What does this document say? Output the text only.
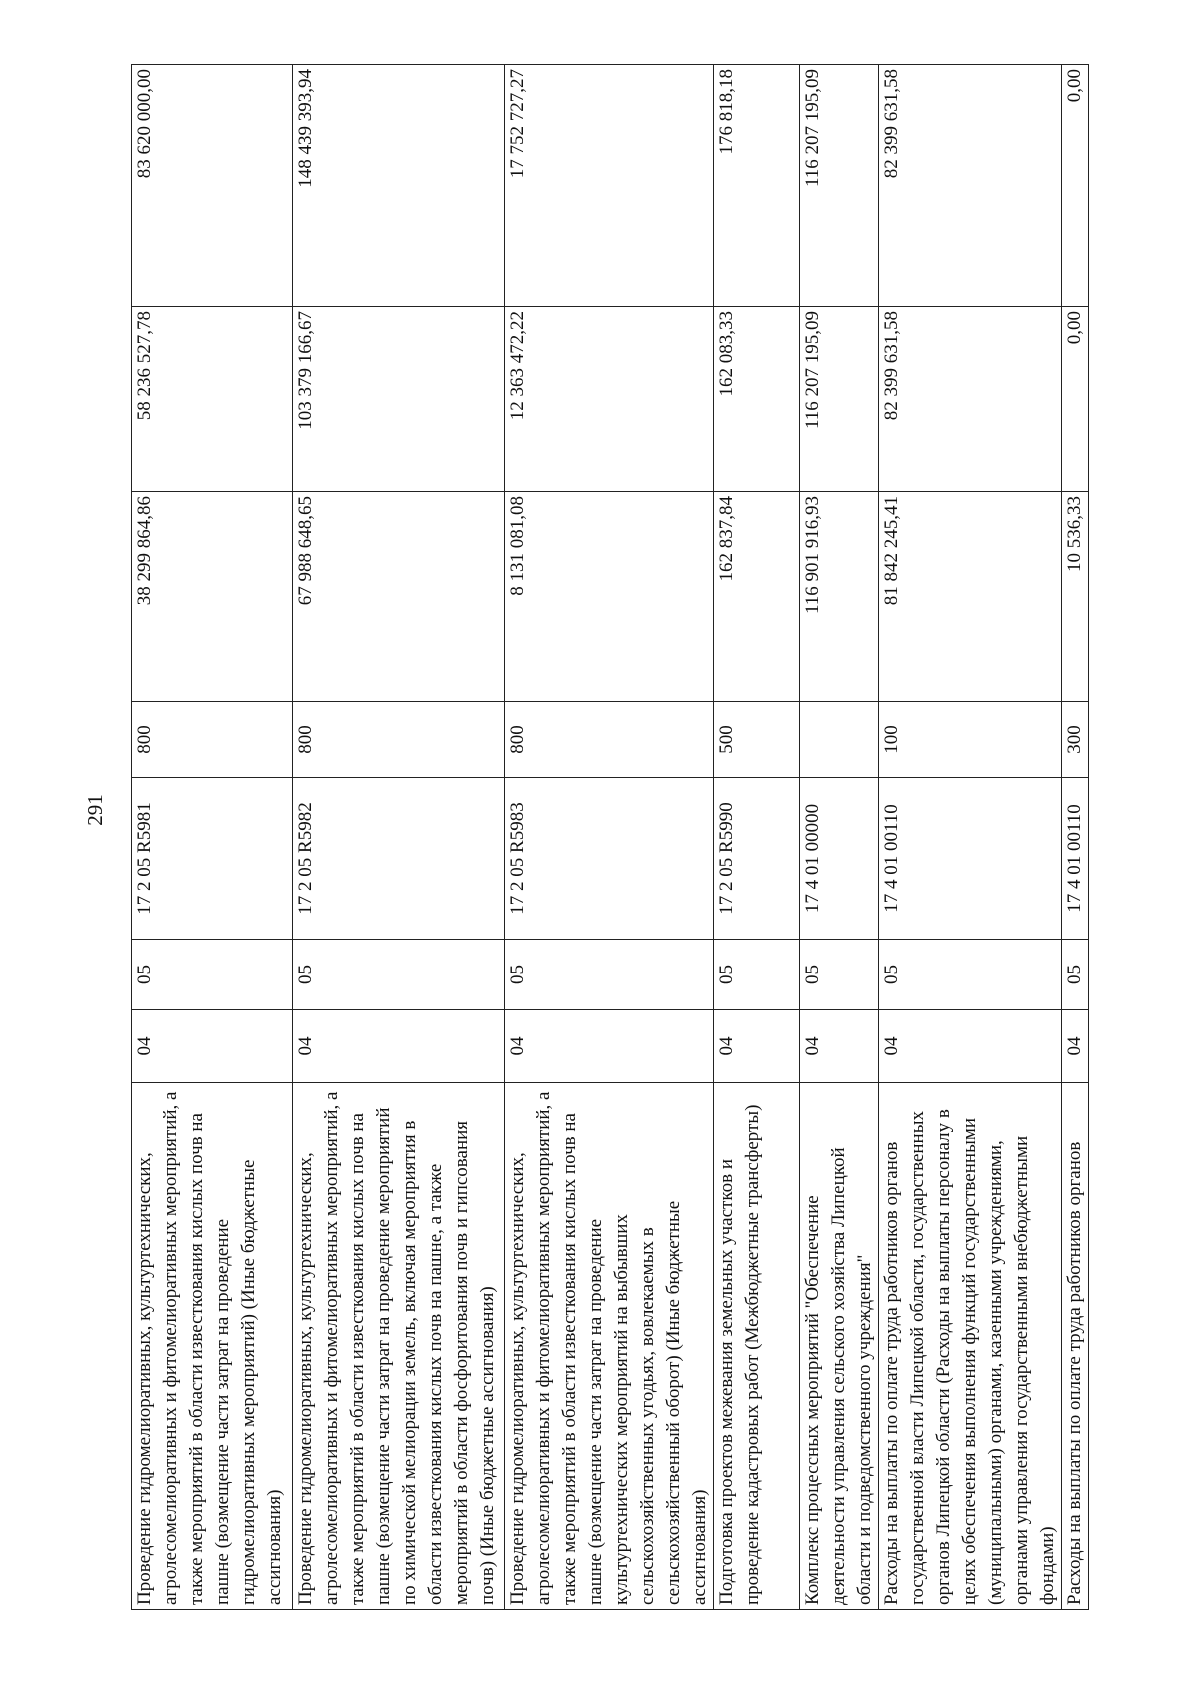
291
Проведение гидромелиоративных, культуртехнических, агролесомелиоративных и фитомелиоративных мероприятий, а также мероприятий в области известкования кислых почв на пашне (возмещение части затрат на проведение гидромелиоративных мероприятий) (Иные бюджетные ассигнования)	04	05	17 2 05 R5981	800	38 299 864,86	58 236 527,78	83 620 000,00
Проведение гидромелиоративных, культуртехнических, агролесомелиоративных и фитомелиоративных мероприятий, а также мероприятий в области известкования кислых почв на пашне (возмещение части затрат на проведение мероприятий по химической мелиорации земель, включая мероприятия в области известкования кислых почв на пашне, а также мероприятий в области фосфоритования почв и гипсования почв) (Иные бюджетные ассигнования)	04	05	17 2 05 R5982	800	67 988 648,65	103 379 166,67	148 439 393,94
Проведение гидромелиоративных, культуртехнических, агролесомелиоративных и фитомелиоративных мероприятий, а также мероприятий в области известкования кислых почв на пашне (возмещение части затрат на проведение культуртехнических мероприятий на выбывших сельскохозяйственных угодьях, вовлекаемых в сельскохозяйственный оборот) (Иные бюджетные ассигнования)	04	05	17 2 05 R5983	800	8 131 081,08	12 363 472,22	17 752 727,27
Подготовка проектов межевания земельных участков и проведение кадастровых работ (Межбюджетные трансферты)	04	05	17 2 05 R5990	500	162 837,84	162 083,33	176 818,18
Комплекс процессных мероприятий "Обеспечение деятельности управления сельского хозяйства Липецкой области и подведомственного учреждения"	04	05	17 4 01 00000		116 901 916,93	116 207 195,09	116 207 195,09
Расходы на выплаты по оплате труда работников органов государственной власти Липецкой области, государственных органов Липецкой области (Расходы на выплаты персоналу в целях обеспечения выполнения функций государственными (муниципальными) органами, казенными учреждениями, органами управления государственными внебюджетными фондами)	04	05	17 4 01 00110	100	81 842 245,41	82 399 631,58	82 399 631,58
Расходы на выплаты по оплате труда работников органов	04	05	17 4 01 00110	300	10 536,33	0,00	0,00
